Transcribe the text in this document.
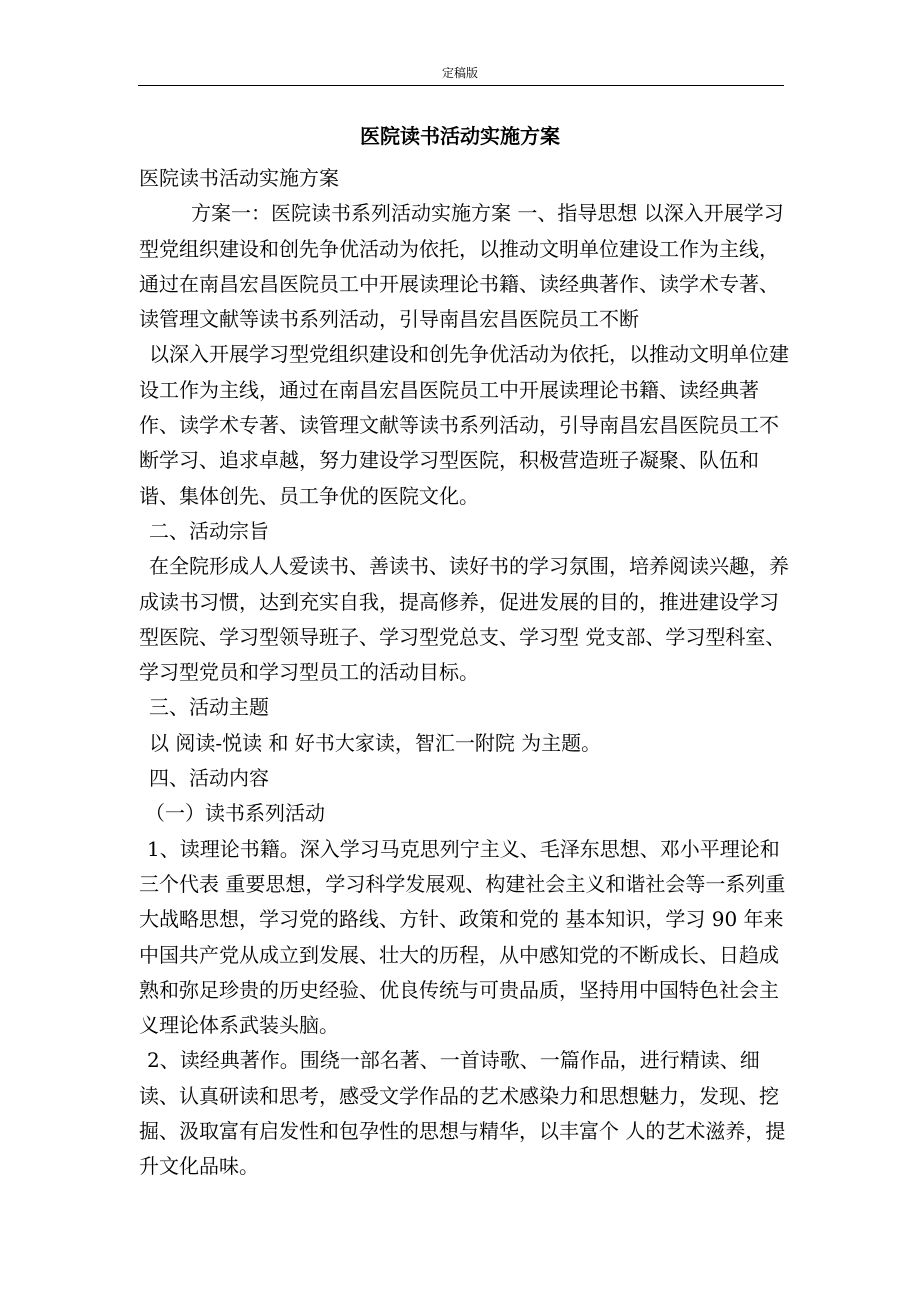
定稿版
医院读书活动实施方案

医院读书活动实施方案

方案一：医院读书系列活动实施方案 一、指导思想 以深入开展学习型党组织建设和创先争优活动为依托，以推动文明单位建设工作为主线，通过在南昌宏昌医院员工中开展读理论书籍、读经典著作、读学术专著、读管理文献等读书系列活动，引导南昌宏昌医院员工不断

以深入开展学习型党组织建设和创先争优活动为依托，以推动文明单位建设工作为主线，通过在南昌宏昌医院员工中开展读理论书籍、读经典著作、读学术专著、读管理文献等读书系列活动，引导南昌宏昌医院员工不断学习、追求卓越，努力建设学习型医院，积极营造班子凝聚、队伍和谐、集体创先、员工争优的医院文化。

二、活动宗旨

在全院形成人人爱读书、善读书、读好书的学习氛围，培养阅读兴趣，养成读书习惯，达到充实自我，提高修养，促进发展的目的，推进建设学习型医院、学习型领导班子、学习型党总支、学习型 党支部、学习型科室、学习型党员和学习型员工的活动目标。

三、活动主题

以 阅读-悦读 和 好书大家读，智汇一附院 为主题。

四、活动内容

（一）读书系列活动

1、读理论书籍。深入学习马克思列宁主义、毛泽东思想、邓小平理论和 三个代表 重要思想，学习科学发展观、构建社会主义和谐社会等一系列重大战略思想，学习党的路线、方针、政策和党的 基本知识，学习 90 年来中国共产党从成立到发展、壮大的历程，从中感知党的不断成长、日趋成熟和弥足珍贵的历史经验、优良传统与可贵品质，坚持用中国特色社会主义理论体系武装头脑。

2、读经典著作。围绕一部名著、一首诗歌、一篇作品，进行精读、细读、认真研读和思考，感受文学作品的艺术感染力和思想魅力，发现、挖掘、汲取富有启发性和包孕性的思想与精华，以丰富个 人的艺术滋养，提升文化品味。
